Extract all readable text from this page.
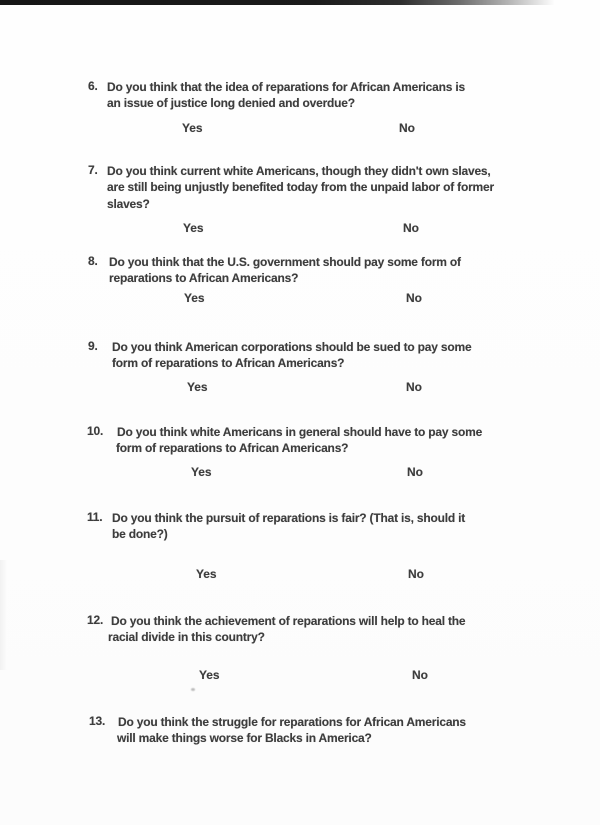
6. Do you think that the idea of reparations for African Americans is
an issue of justice long denied and overdue?
Yes	No
7. Do you think current white Americans, though they didn't own slaves,
are still being unjustly benefited today from the unpaid labor of former
slaves?
Yes	No
8. Do you think that the U.S. government should pay some form of
reparations to African Americans?
Yes	No
9. Do you think American corporations should be sued to pay some
form of reparations to African Americans?
Yes	No
10. Do you think white Americans in general should have to pay some
form of reparations to African Americans?
Yes	No
11. Do you think the pursuit of reparations is fair? (That is, should it
be done?)
Yes	No
12. Do you think the achievement of reparations will help to heal the
racial divide in this country?
Yes	No
13. Do you think the struggle for reparations for African Americans
will make things worse for Blacks in America?
